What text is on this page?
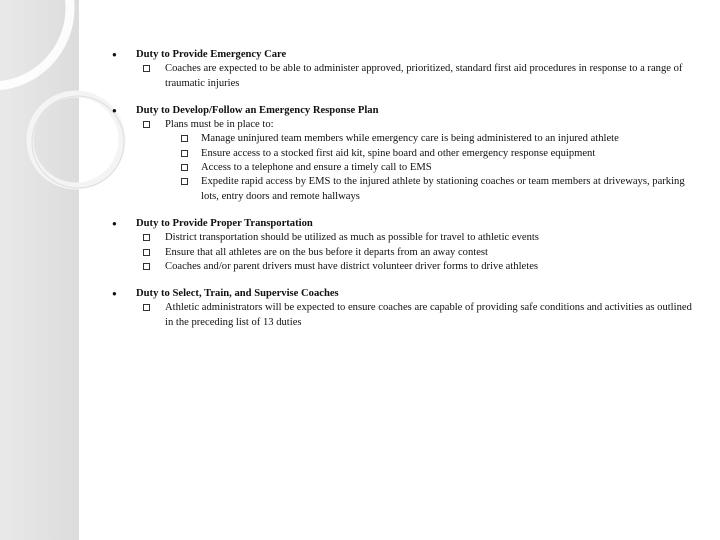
● Duty to Provide Emergency Care
Coaches are expected to be able to administer approved, prioritized, standard first aid procedures in response to a range of traumatic injuries
● Duty to Develop/Follow an Emergency Response Plan
Plans must be in place to:
Manage uninjured team members while emergency care is being administered to an injured athlete
Ensure access to a stocked first aid kit, spine board and other emergency response equipment
Access to a telephone and ensure a timely call to EMS
Expedite rapid access by EMS to the injured athlete by stationing coaches or team members at driveways, parking lots, entry doors and remote hallways
● Duty to Provide Proper Transportation
District transportation should be utilized as much as possible for travel to athletic events
Ensure that all athletes are on the bus before it departs from an away contest
Coaches and/or parent drivers must have district volunteer driver forms to drive athletes
● Duty to Select, Train, and Supervise Coaches
Athletic administrators will be expected to ensure coaches are capable of providing safe conditions and activities as outlined in the preceding list of 13 duties
